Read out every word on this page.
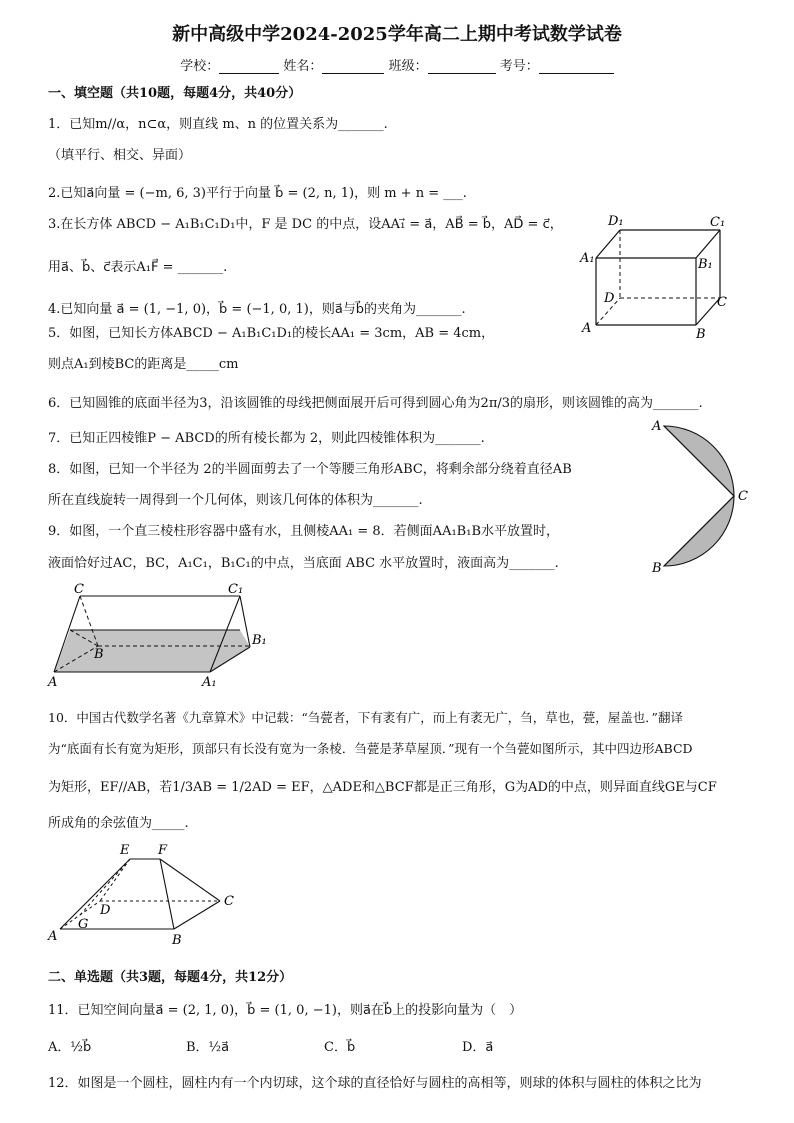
新中高级中学2024-2025学年高二上期中考试数学试卷
学校：	姓名：	班级：	考号：
一、填空题（共10题，每题4分，共40分）
1．已知m//α，n⊂α，则直线 m、n 的位置关系为_______.
（填平行、相交、异面）
2.已知a⃗向量 = (−m, 6, 3)平行于向量 b⃗ = (2, n, 1)，则 m + n = ___.
3.在长方体 ABCD − A₁B₁C₁D₁中，F 是 DC 的中点，设AA₁⃗ = a⃗，AB⃗ = b⃗，AD⃗ = c⃗，
用a⃗、b⃗、c⃗表示A₁F⃗ = _______.
4.已知向量 a⃗ = (1, −1, 0)，b⃗ = (−1, 0, 1)，则a⃗与b⃗的夹角为_______.
5．如图，已知长方体ABCD − A₁B₁C₁D₁的棱长AA₁ = 3cm，AB = 4cm，
则点A₁到棱BC的距离是_____cm
6．已知圆锥的底面半径为3，沿该圆锥的母线把侧面展开后可得到圆心角为2π/3的扇形，则该圆锥的高为_______.
7．已知正四棱锥P − ABCD的所有棱长都为 2，则此四棱锥体积为_______.
8．如图，已知一个半径为 2的半圆面剪去了一个等腰三角形ABC，将剩余部分绕着直径AB
所在直线旋转一周得到一个几何体，则该几何体的体积为_______.
9．如图，一个直三棱柱形容器中盛有水，且侧棱AA₁ = 8．若侧面AA₁B₁B水平放置时，
液面恰好过AC，BC，A₁C₁，B₁C₁的中点，当底面 ABC 水平放置时，液面高为_______.
10．中国古代数学名著《九章算术》中记载：“刍甍者，下有袤有广，而上有袤无广，刍，草也，甍，屋盖也．”翻译
为“底面有长有宽为矩形，顶部只有长没有宽为一条棱．刍甍是茅草屋顶．”现有一个刍甍如图所示，其中四边形ABCD
为矩形，EF//AB，若1/3AB = 1/2AD = EF，△ADE和△BCF都是正三角形，G为AD的中点，则异面直线GE与CF
所成角的余弦值为_____.
二、单选题（共3题，每题4分，共12分）
11．已知空间向量a⃗ = (2, 1, 0)，b⃗ = (1, 0, −1)，则a⃗在b⃗上的投影向量为（　）
A．½b⃗	B．½a⃗	C．b⃗	D．a⃗
12．如图是一个圆柱，圆柱内有一个内切球，这个球的直径恰好与圆柱的高相等，则球的体积与圆柱的体积之比为
A	B
C
D
A₁	B₁
C₁
D₁
A
B
C
C	C₁
B
B₁
A	A₁
E F
D
G
C
A	B
